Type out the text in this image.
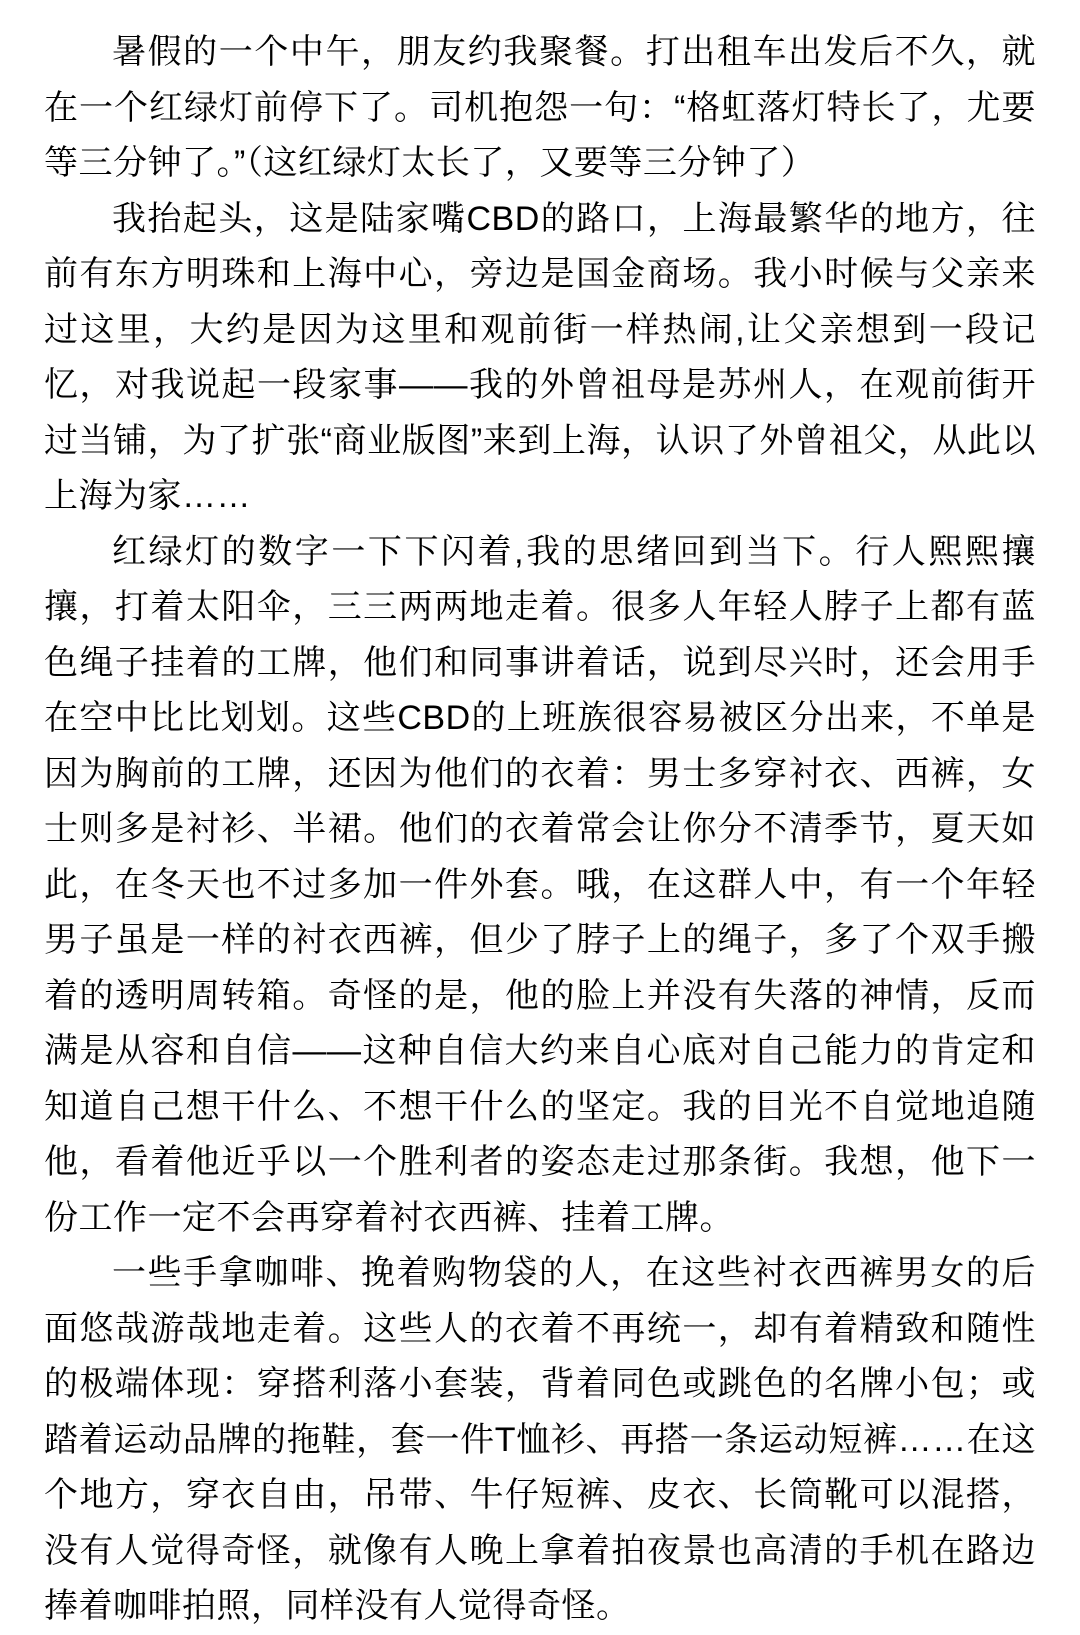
暑假的一个中午，朋友约我聚餐。打出租车出发后不久，就在一个红绿灯前停下了。司机抱怨一句：“格虹落灯特长了，尤要等三分钟了。”（这红绿灯太长了，又要等三分钟了）

我抬起头，这是陆家嘴CBD的路口，上海最繁华的地方，往前有东方明珠和上海中心，旁边是国金商场。我小时候与父亲来过这里，大约是因为这里和观前街一样热闹,让父亲想到一段记忆，对我说起一段家事——我的外曾祖母是苏州人，在观前街开过当铺，为了扩张“商业版图”来到上海，认识了外曾祖父，从此以上海为家……

红绿灯的数字一下下闪着,我的思绪回到当下。行人熙熙攘攘，打着太阳伞，三三两两地走着。很多人年轻人脖子上都有蓝色绳子挂着的工牌，他们和同事讲着话，说到尽兴时，还会用手在空中比比划划。这些CBD的上班族很容易被区分出来，不单是因为胸前的工牌，还因为他们的衣着：男士多穿衬衣、西裤，女士则多是衬衫、半裙。他们的衣着常会让你分不清季节，夏天如此，在冬天也不过多加一件外套。哦，在这群人中，有一个年轻男子虽是一样的衬衣西裤，但少了脖子上的绳子，多了个双手搬着的透明周转箱。奇怪的是，他的脸上并没有失落的神情，反而满是从容和自信——这种自信大约来自心底对自己能力的肯定和知道自己想干什么、不想干什么的坚定。我的目光不自觉地追随他，看着他近乎以一个胜利者的姿态走过那条街。我想，他下一份工作一定不会再穿着衬衣西裤、挂着工牌。

一些手拿咖啡、挽着购物袋的人，在这些衬衣西裤男女的后面悠哉游哉地走着。这些人的衣着不再统一，却有着精致和随性的极端体现：穿搭利落小套装，背着同色或跳色的名牌小包；或踏着运动品牌的拖鞋，套一件T恤衫、再搭一条运动短裤……在这个地方，穿衣自由，吊带、牛仔短裤、皮衣、长筒靴可以混搭，没有人觉得奇怪，就像有人晚上拿着拍夜景也高清的手机在路边捧着咖啡拍照，同样没有人觉得奇怪。
